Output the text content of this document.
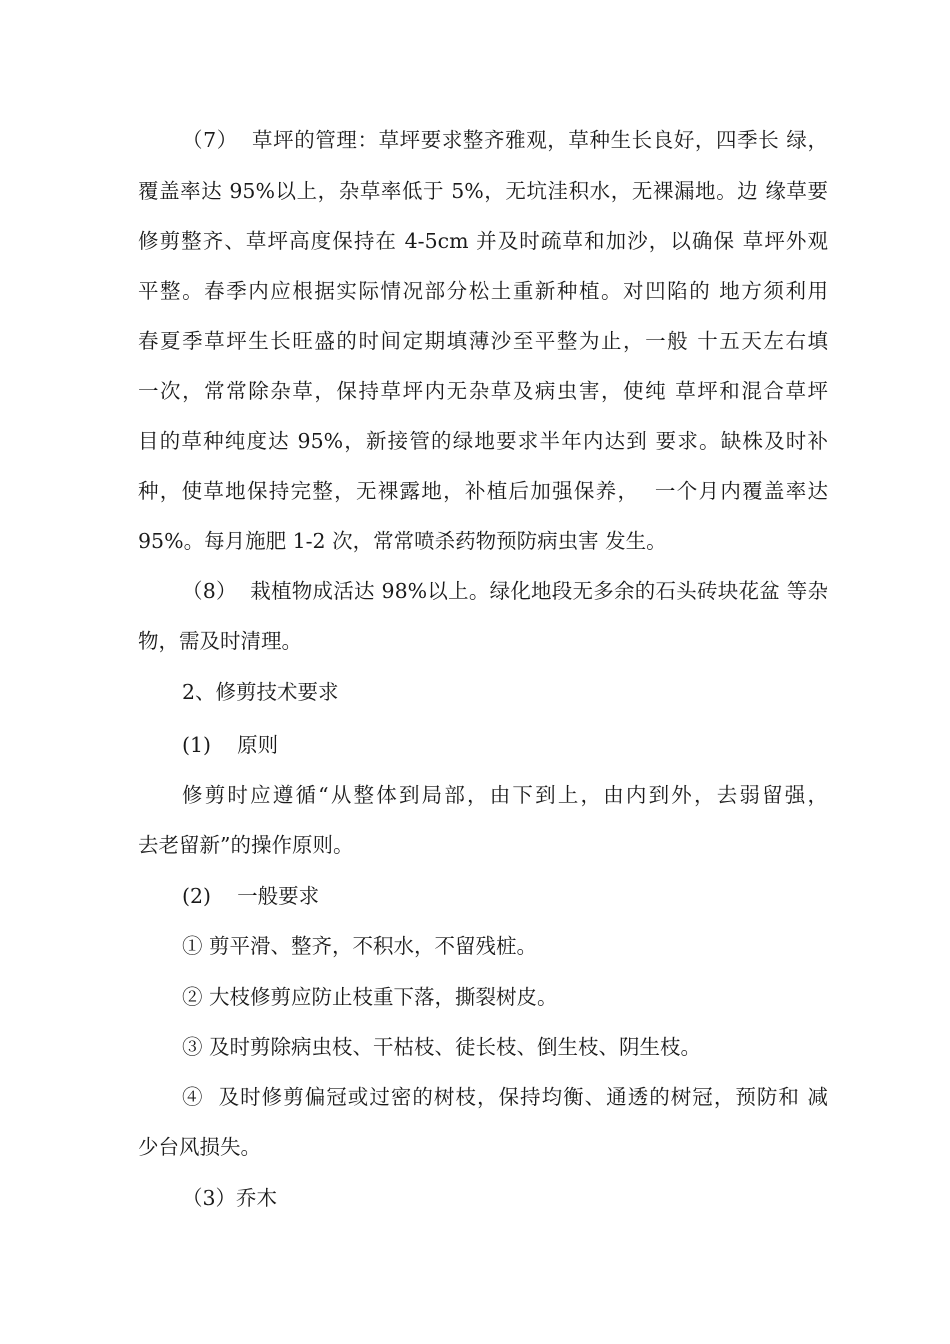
（7）  草坪的管理：草坪要求整齐雅观，草种生长良好，四季长 绿，
覆盖率达 95%以上，杂草率低于 5%，无坑洼积水，无裸漏地。边 缘草要
修剪整齐、草坪高度保持在 4-5cm 并及时疏草和加沙，以确保 草坪外观
平整。春季内应根据实际情况部分松土重新种植。对凹陷的 地方须利用
春夏季草坪生长旺盛的时间定期填薄沙至平整为止，一般 十五天左右填
一次，常常除杂草，保持草坪内无杂草及病虫害，使纯 草坪和混合草坪
目的草种纯度达 95%，新接管的绿地要求半年内达到 要求。缺株及时补
种，使草地保持完整，无裸露地，补植后加强保养，  一个月内覆盖率达
95%。每月施肥 1-2 次，常常喷杀药物预防病虫害 发生。
（8）  栽植物成活达 98%以上。绿化地段无多余的石头砖块花盆 等杂
物，需及时清理。
2、修剪技术要求
(1)    原则
修剪时应遵循“从整体到局部，由下到上，由内到外，去弱留强，
去老留新”的操作原则。
(2)    一般要求
① 剪平滑、整齐，不积水，不留残桩。
② 大枝修剪应防止枝重下落，撕裂树皮。
③ 及时剪除病虫枝、干枯枝、徒长枝、倒生枝、阴生枝。
④  及时修剪偏冠或过密的树枝，保持均衡、通透的树冠，预防和 减
少台风损失。
（3）乔木
